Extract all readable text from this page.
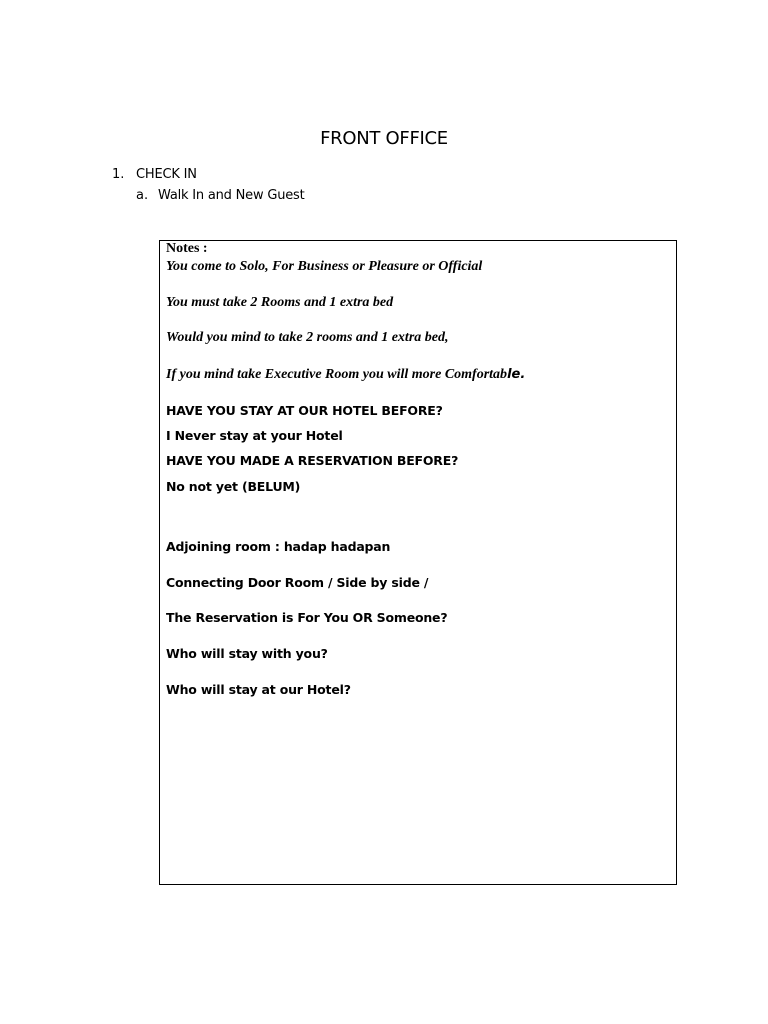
FRONT OFFICE
1. CHECK IN
a. Walk In and New Guest
Notes :
You come to Solo, For Business or Pleasure or Official
You must take 2 Rooms and 1 extra bed
Would you mind to take 2 rooms and 1 extra bed,
If you mind take Executive Room you will more Comfortable.
HAVE YOU STAY AT OUR HOTEL BEFORE?
I Never stay at your Hotel
HAVE YOU MADE A RESERVATION BEFORE?
No not yet (BELUM)
Adjoining room : hadap hadapan
Connecting Door Room / Side by side /
The Reservation is For You OR Someone?
Who will stay with you?
Who will stay at our Hotel?
